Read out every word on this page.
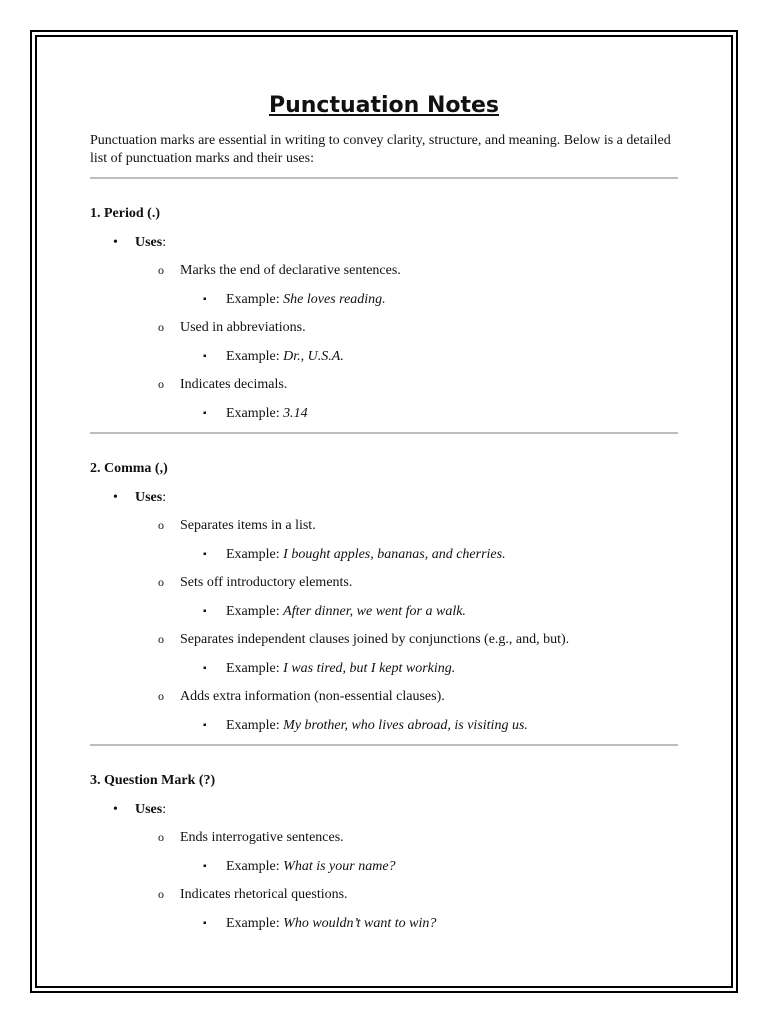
Punctuation Notes

Punctuation marks are essential in writing to convey clarity, structure, and meaning. Below is a detailed list of punctuation marks and their uses:

1. Period (.)
• Uses:
o Marks the end of declarative sentences.
▪ Example: She loves reading.
o Used in abbreviations.
▪ Example: Dr., U.S.A.
o Indicates decimals.
▪ Example: 3.14
2. Comma (,)
• Uses:
o Separates items in a list.
▪ Example: I bought apples, bananas, and cherries.
o Sets off introductory elements.
▪ Example: After dinner, we went for a walk.
o Separates independent clauses joined by conjunctions (e.g., and, but).
▪ Example: I was tired, but I kept working.
o Adds extra information (non-essential clauses).
▪ Example: My brother, who lives abroad, is visiting us.
3. Question Mark (?)
• Uses:
o Ends interrogative sentences.
▪ Example: What is your name?
o Indicates rhetorical questions.
▪ Example: Who wouldn’t want to win?
